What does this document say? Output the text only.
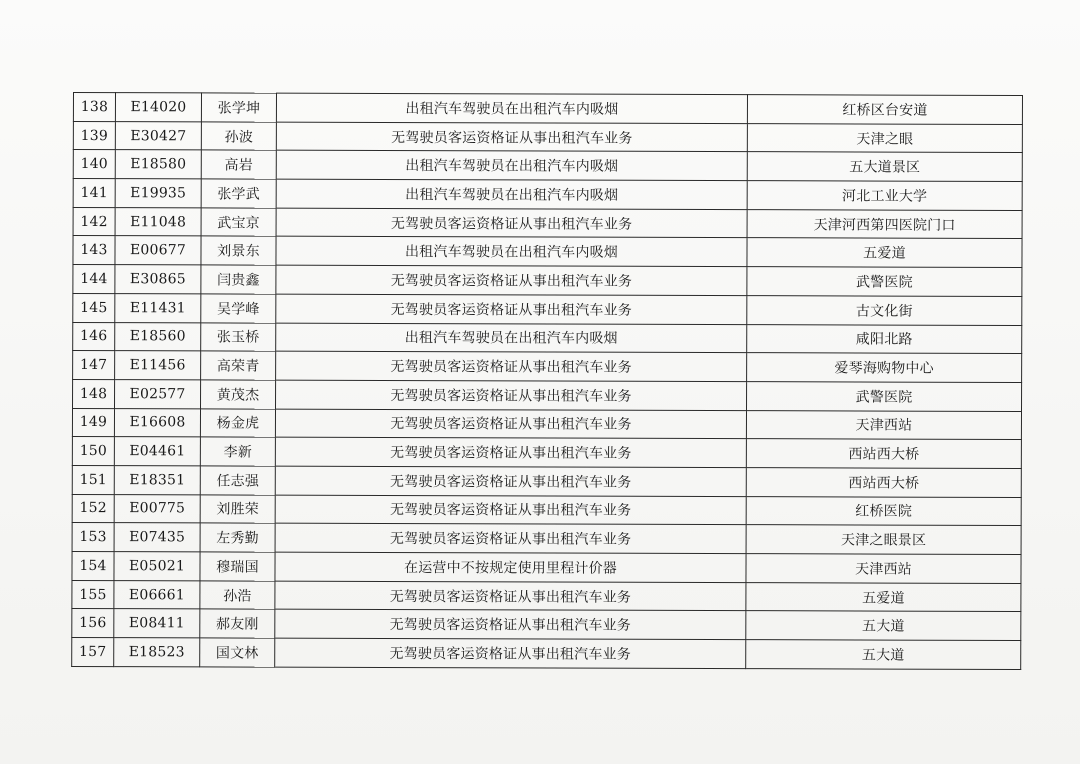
138	E14020	张学坤	出租汽车驾驶员在出租汽车内吸烟	红桥区台安道
139	E30427	孙波	无驾驶员客运资格证从事出租汽车业务	天津之眼
140	E18580	高岩	出租汽车驾驶员在出租汽车内吸烟	五大道景区
141	E19935	张学武	出租汽车驾驶员在出租汽车内吸烟	河北工业大学
142	E11048	武宝京	无驾驶员客运资格证从事出租汽车业务	天津河西第四医院门口
143	E00677	刘景东	出租汽车驾驶员在出租汽车内吸烟	五爱道
144	E30865	闫贵鑫	无驾驶员客运资格证从事出租汽车业务	武警医院
145	E11431	吴学峰	无驾驶员客运资格证从事出租汽车业务	古文化街
146	E18560	张玉桥	出租汽车驾驶员在出租汽车内吸烟	咸阳北路
147	E11456	高荣青	无驾驶员客运资格证从事出租汽车业务	爱琴海购物中心
148	E02577	黄茂杰	无驾驶员客运资格证从事出租汽车业务	武警医院
149	E16608	杨金虎	无驾驶员客运资格证从事出租汽车业务	天津西站
150	E04461	李新	无驾驶员客运资格证从事出租汽车业务	西站西大桥
151	E18351	任志强	无驾驶员客运资格证从事出租汽车业务	西站西大桥
152	E00775	刘胜荣	无驾驶员客运资格证从事出租汽车业务	红桥医院
153	E07435	左秀勤	无驾驶员客运资格证从事出租汽车业务	天津之眼景区
154	E05021	穆瑞国	在运营中不按规定使用里程计价器	天津西站
155	E06661	孙浩	无驾驶员客运资格证从事出租汽车业务	五爱道
156	E08411	郝友刚	无驾驶员客运资格证从事出租汽车业务	五大道
157	E18523	国文林	无驾驶员客运资格证从事出租汽车业务	五大道
